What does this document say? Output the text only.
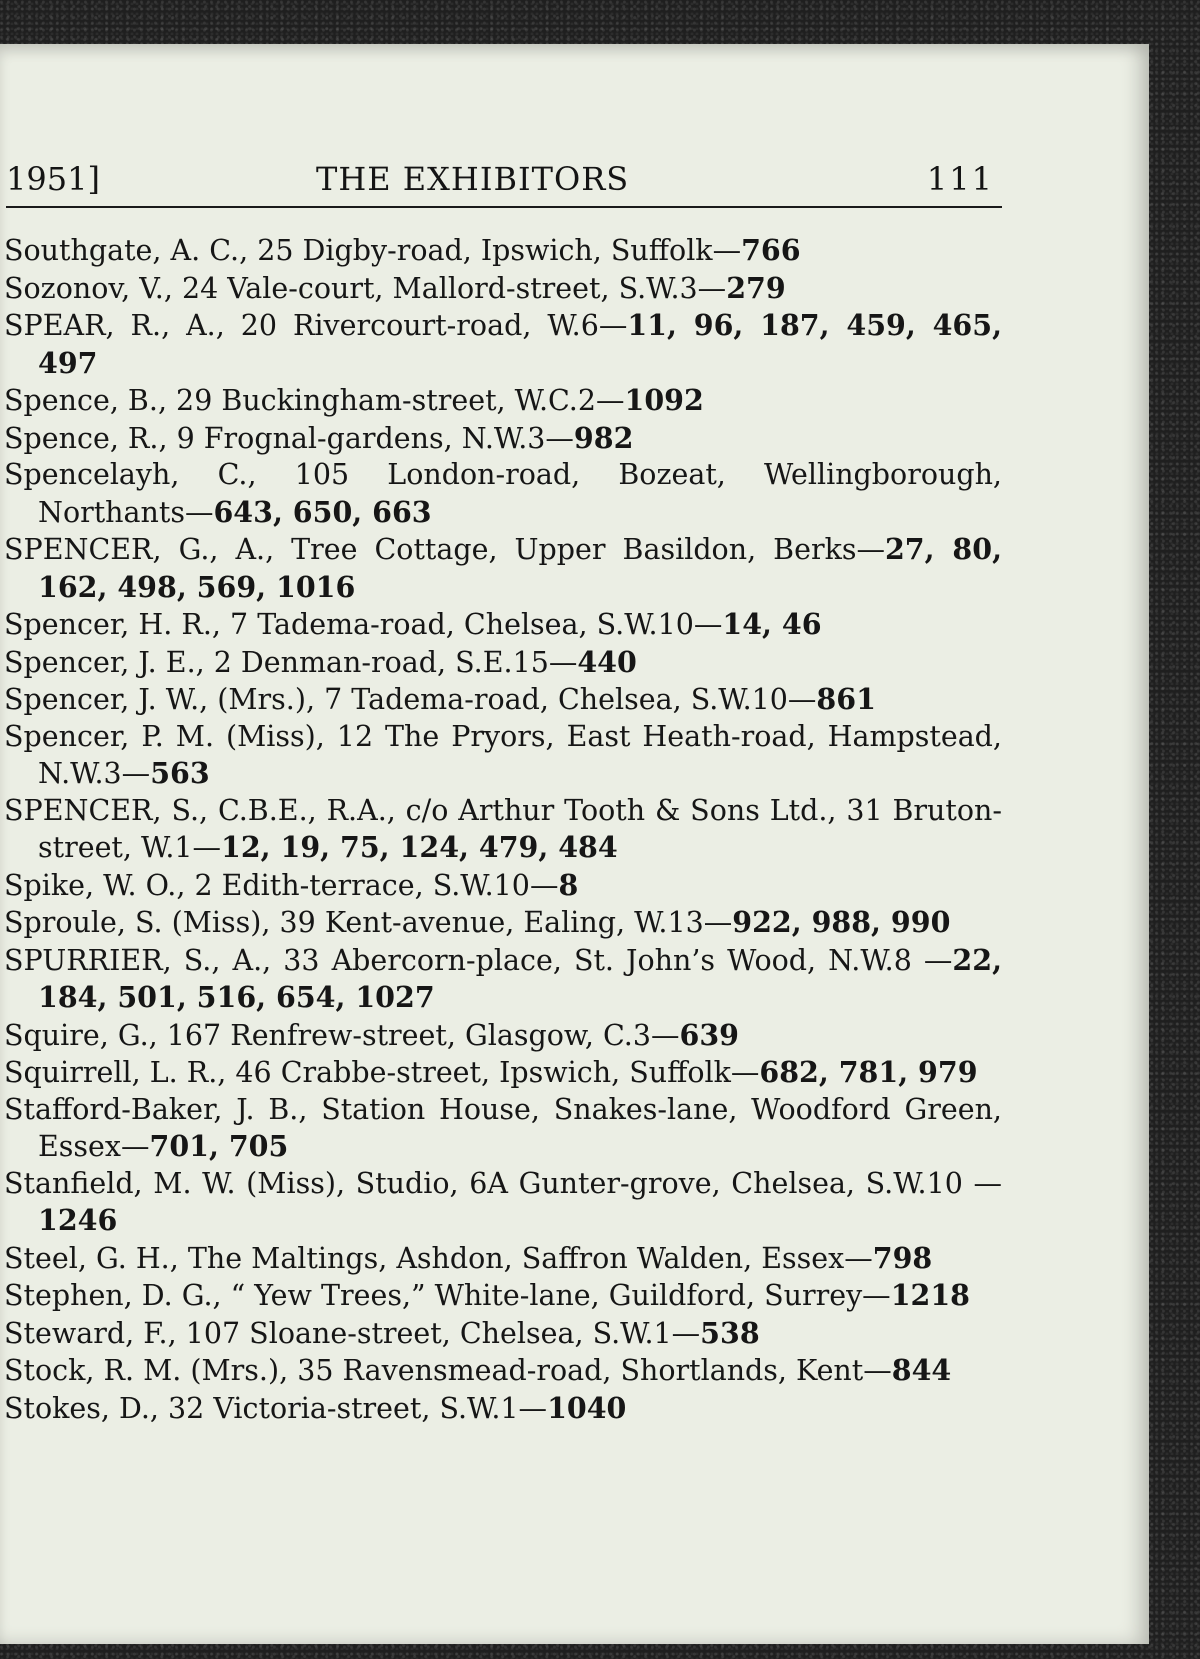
1951]	THE EXHIBITORS	111
Southgate, A. C., 25 Digby-road, Ipswich, Suffolk—766
Sozonov, V., 24 Vale-court, Mallord-street, S.W.3—279
SPEAR, R., A., 20 Rivercourt-road, W.6—11, 96, 187, 459, 465, 497
Spence, B., 29 Buckingham-street, W.C.2—1092
Spence, R., 9 Frognal-gardens, N.W.3—982
Spencelayh, C., 105 London-road, Bozeat, Wellingborough, Northants—643, 650, 663
SPENCER, G., A., Tree Cottage, Upper Basildon, Berks—27, 80, 162, 498, 569, 1016
Spencer, H. R., 7 Tadema-road, Chelsea, S.W.10—14, 46
Spencer, J. E., 2 Denman-road, S.E.15—440
Spencer, J. W., (Mrs.), 7 Tadema-road, Chelsea, S.W.10—861
Spencer, P. M. (Miss), 12 The Pryors, East Heath-road, Hampstead, N.W.3—563
SPENCER, S., C.B.E., R.A., c/o Arthur Tooth & Sons Ltd., 31 Bruton-street, W.1—12, 19, 75, 124, 479, 484
Spike, W. O., 2 Edith-terrace, S.W.10—8
Sproule, S. (Miss), 39 Kent-avenue, Ealing, W.13—922, 988, 990
SPURRIER, S., A., 33 Abercorn-place, St. John’s Wood, N.W.8 —22, 184, 501, 516, 654, 1027
Squire, G., 167 Renfrew-street, Glasgow, C.3—639
Squirrell, L. R., 46 Crabbe-street, Ipswich, Suffolk—682, 781, 979
Stafford-Baker, J. B., Station House, Snakes-lane, Woodford Green, Essex—701, 705
Stanfield, M. W. (Miss), Studio, 6A Gunter-grove, Chelsea, S.W.10 —1246
Steel, G. H., The Maltings, Ashdon, Saffron Walden, Essex—798
Stephen, D. G., “ Yew Trees,” White-lane, Guildford, Surrey—1218
Steward, F., 107 Sloane-street, Chelsea, S.W.1—538
Stock, R. M. (Mrs.), 35 Ravensmead-road, Shortlands, Kent—844
Stokes, D., 32 Victoria-street, S.W.1—1040
